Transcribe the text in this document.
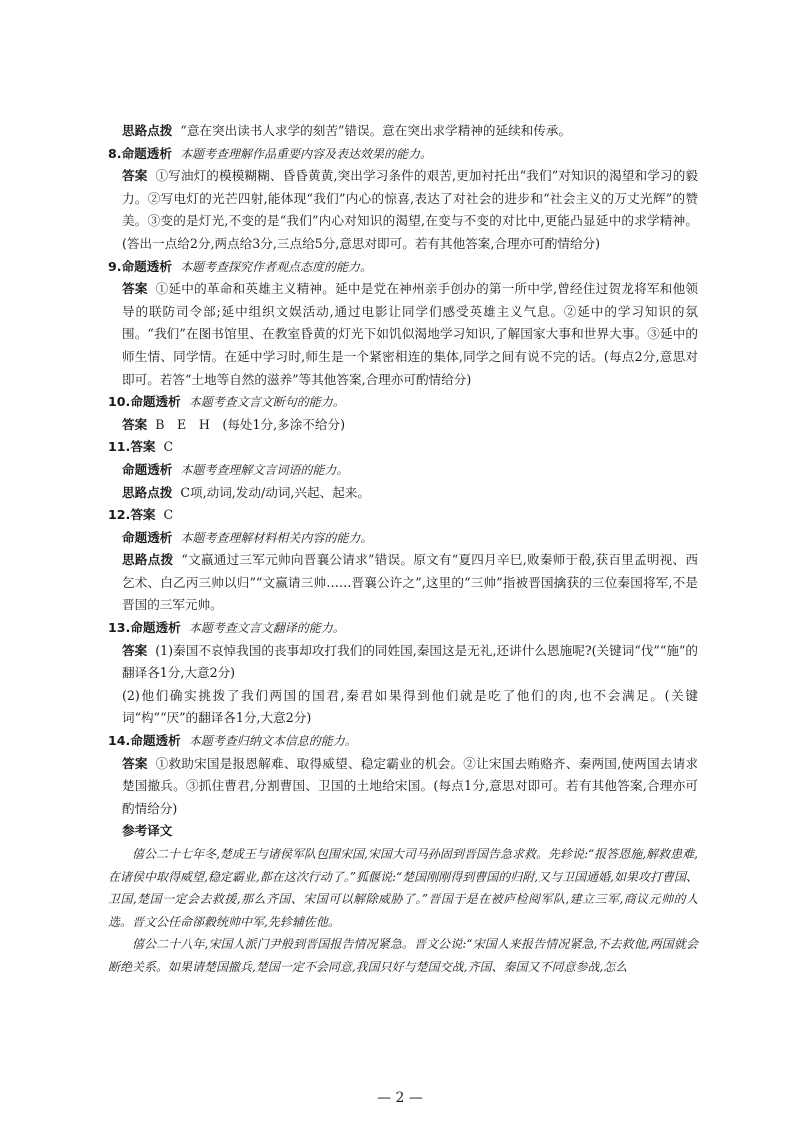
思路点拨 “意在突出读书人求学的刻苦”错误。意在突出求学精神的延续和传承。
8.命题透析 本题考查理解作品重要内容及表达效果的能力。

答案 ①写油灯的模模糊糊、昏昏黄黄,突出学习条件的艰苦,更加衬托出“我们”对知识的渴望和学习的毅力。②写电灯的光芒四射,能体现“我们”内心的惊喜,表达了对社会的进步和“社会主义的万丈光辉”的赞美。③变的是灯光,不变的是“我们”内心对知识的渴望,在变与不变的对比中,更能凸显延中的求学精神。(答出一点给2分,两点给3分,三点给5分,意思对即可。若有其他答案,合理亦可酌情给分)

9.命题透析 本题考查探究作者观点态度的能力。

答案 ①延中的革命和英雄主义精神。延中是党在神州亲手创办的第一所中学,曾经住过贺龙将军和他领导的联防司令部;延中组织文娱活动,通过电影让同学们感受英雄主义气息。②延中的学习知识的氛围。“我们”在图书馆里、在教室昏黄的灯光下如饥似渴地学习知识,了解国家大事和世界大事。③延中的师生情、同学情。在延中学习时,师生是一个紧密相连的集体,同学之间有说不完的话。(每点2分,意思对即可。若答“土地等自然的滋养”等其他答案,合理亦可酌情给分)

10.命题透析 本题考查文言文断句的能力。
答案 B　E　H　(每处1分,多涂不给分)
11.答案 C
命题透析 本题考查理解文言词语的能力。
思路点拨 C项,动词,发动/动词,兴起、起来。
12.答案 C
命题透析 本题考查理解材料相关内容的能力。

思路点拨 “文嬴通过三军元帅向晋襄公请求”错误。原文有“夏四月辛巳,败秦师于殽,获百里孟明视、西乞术、白乙丙三帅以归”“文嬴请三帅……晋襄公许之”,这里的“三帅”指被晋国擒获的三位秦国将军,不是晋国的三军元帅。

13.命题透析 本题考查文言文翻译的能力。

答案 (1)秦国不哀悼我国的丧事却攻打我们的同姓国,秦国这是无礼,还讲什么恩施呢?(关键词“伐”“施”的翻译各1分,大意2分)

(2)他们确实挑拨了我们两国的国君,秦君如果得到他们就是吃了他们的肉,也不会满足。(关键词“构”“厌”的翻译各1分,大意2分)

14.命题透析 本题考查归纳文本信息的能力。

答案 ①救助宋国是报恩解难、取得威望、稳定霸业的机会。②让宋国去贿赂齐、秦两国,使两国去请求楚国撤兵。③抓住曹君,分割曹国、卫国的土地给宋国。(每点1分,意思对即可。若有其他答案,合理亦可酌情给分)

参考译文

僖公二十七年冬,楚成王与诸侯军队包围宋国,宋国大司马孙固到晋国告急求救。先轸说:“报答恩施,解救患难,在诸侯中取得威望,稳定霸业,都在这次行动了。”狐偃说:“楚国刚刚得到曹国的归附,又与卫国通婚,如果攻打曹国、卫国,楚国一定会去救援,那么齐国、宋国可以解除威胁了。”晋国于是在被庐检阅军队,建立三军,商议元帅的人选。晋文公任命郤縠统帅中军,先轸辅佐他。

僖公二十八年,宋国人派门尹般到晋国报告情况紧急。晋文公说:“宋国人来报告情况紧急,不去救他,两国就会断绝关系。如果请楚国撤兵,楚国一定不会同意,我国只好与楚国交战,齐国、秦国又不同意参战,怎么

— 2 —
